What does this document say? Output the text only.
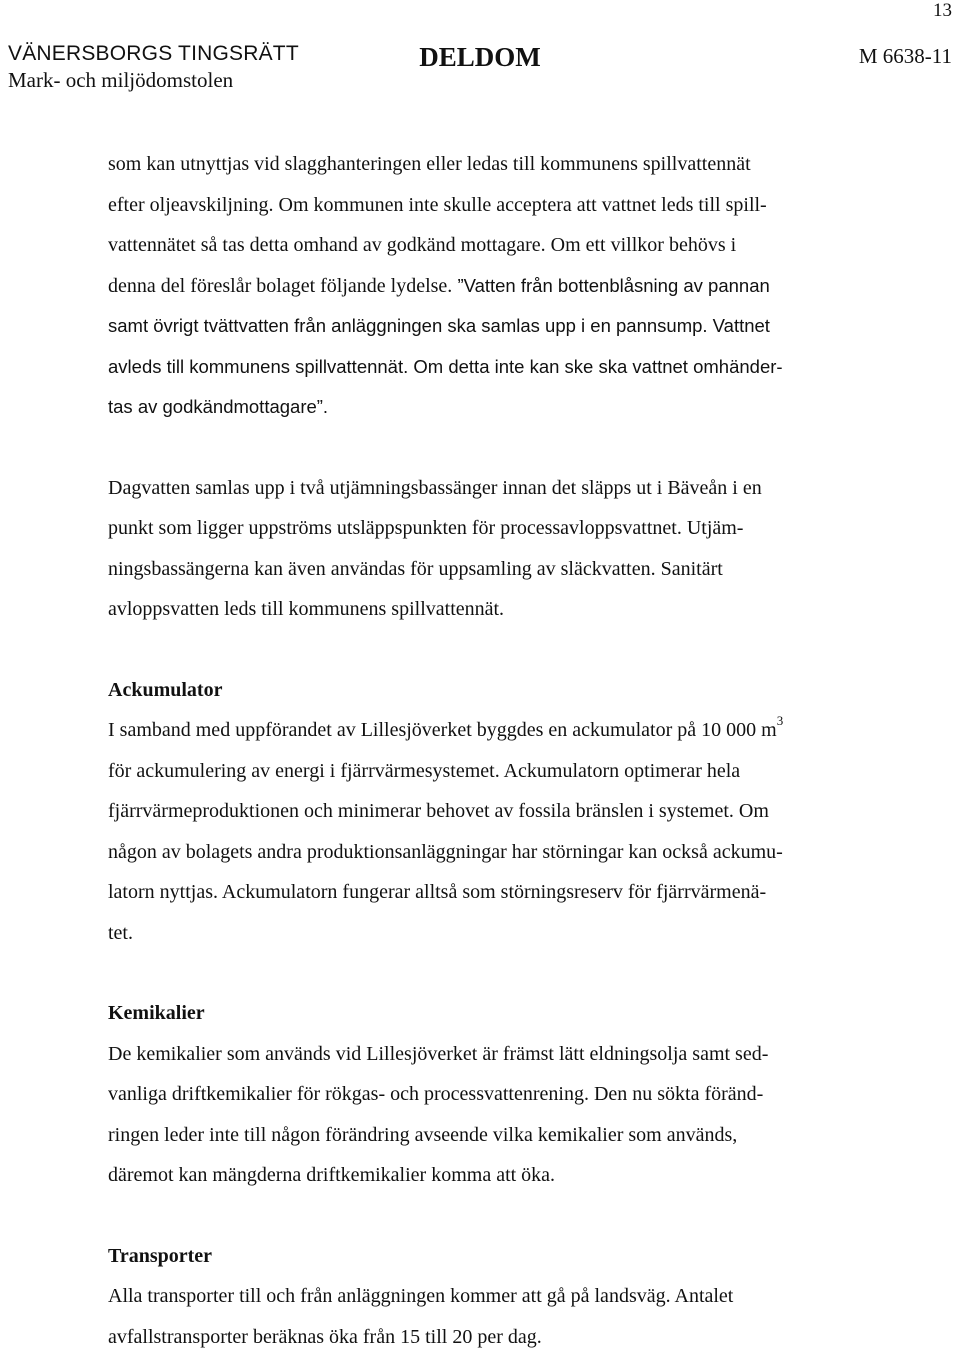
13
VÄNERSBORGS TINGSRÄTT
Mark- och miljödomstolen
DELDOM	M 6638-11

som kan utnyttjas vid slagghanteringen eller ledas till kommunens spillvattennät
efter oljeavskiljning. Om kommunen inte skulle acceptera att vattnet leds till spill-
vattennätet så tas detta omhand av godkänd mottagare. Om ett villkor behövs i
denna del föreslår bolaget följande lydelse. ”Vatten från bottenblåsning av pannan
samt övrigt tvättvatten från anläggningen ska samlas upp i en pannsump. Vattnet
avleds till kommunens spillvattennät. Om detta inte kan ske ska vattnet omhänder-
tas av godkändmottagare”.

Dagvatten samlas upp i två utjämningsbassänger innan det släpps ut i Bäveån i en
punkt som ligger uppströms utsläppspunkten för processavloppsvattnet. Utjäm-
ningsbassängerna kan även användas för uppsamling av släckvatten. Sanitärt
avloppsvatten leds till kommunens spillvattennät.

Ackumulator
I samband med uppförandet av Lillesjöverket byggdes en ackumulator på 10 000 $m^3$
för ackumulering av energi i fjärrvärmesystemet. Ackumulatorn optimerar hela
fjärrvärmeproduktionen och minimerar behovet av fossila bränslen i systemet. Om
någon av bolagets andra produktionsanläggningar har störningar kan också ackumu-
latorn nyttjas. Ackumulatorn fungerar alltså som störningsreserv för fjärrvärmenä-
tet.

Kemikalier
De kemikalier som används vid Lillesjöverket är främst lätt eldningsolja samt sed-
vanliga driftkemikalier för rökgas- och processvattenrening. Den nu sökta föränd-
ringen leder inte till någon förändring avseende vilka kemikalier som används,
däremot kan mängderna driftkemikalier komma att öka.

Transporter
Alla transporter till och från anläggningen kommer att gå på landsväg. Antalet
avfallstransporter beräknas öka från 15 till 20 per dag.
